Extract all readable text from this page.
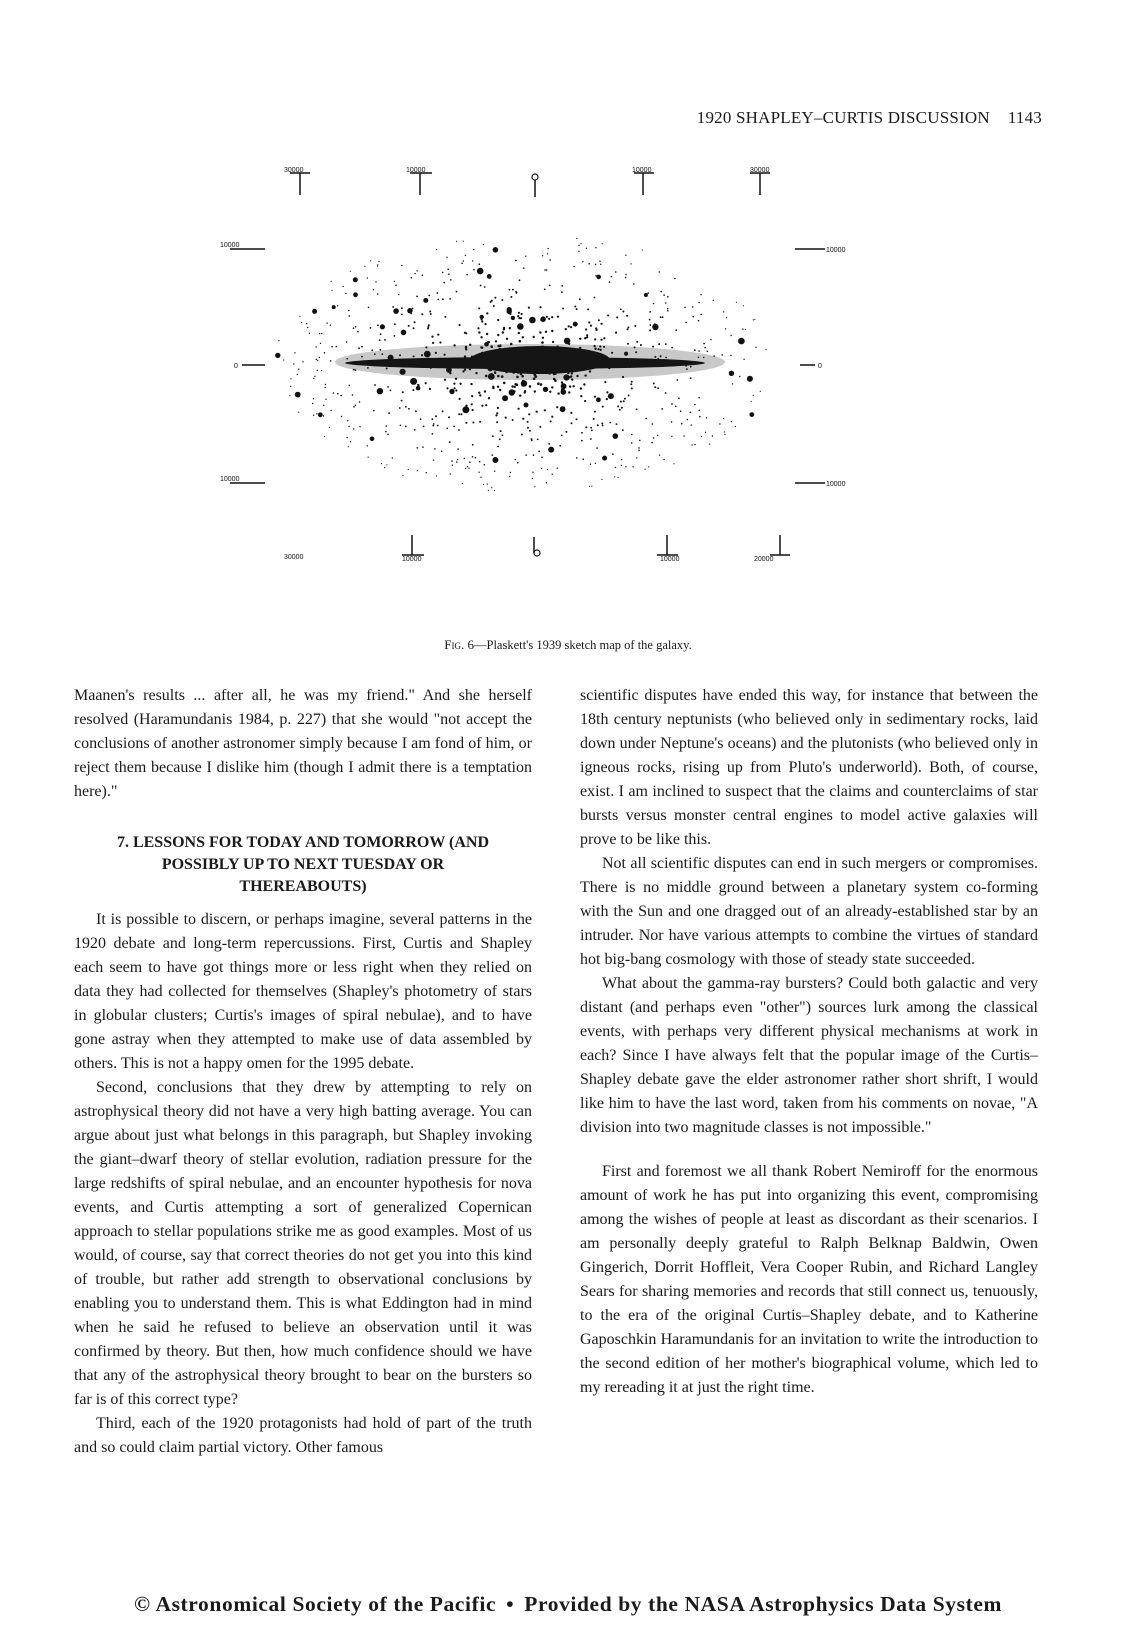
1920 SHAPLEY–CURTIS DISCUSSION 1143
30000	10000	10000	30000
10000
0
10000
10000
0
10000
30000	10000	10000	20000
Fig. 6—Plaskett's 1939 sketch map of the galaxy.

Maanen's results ... after all, he was my friend." And she herself resolved (Haramundanis 1984, p. 227) that she would "not accept the conclusions of another astronomer simply because I am fond of him, or reject them because I dislike him (though I admit there is a temptation here)."

7. LESSONS FOR TODAY AND TOMORROW (AND
POSSIBLY UP TO NEXT TUESDAY OR
THEREABOUTS)

It is possible to discern, or perhaps imagine, several patterns in the 1920 debate and long-term repercussions. First, Curtis and Shapley each seem to have got things more or less right when they relied on data they had collected for themselves (Shapley's photometry of stars in globular clusters; Curtis's images of spiral nebulae), and to have gone astray when they attempted to make use of data assembled by others. This is not a happy omen for the 1995 debate.

Second, conclusions that they drew by attempting to rely on astrophysical theory did not have a very high batting average. You can argue about just what belongs in this paragraph, but Shapley invoking the giant–dwarf theory of stellar evolution, radiation pressure for the large redshifts of spiral nebulae, and an encounter hypothesis for nova events, and Curtis attempting a sort of generalized Copernican approach to stellar populations strike me as good examples. Most of us would, of course, say that correct theories do not get you into this kind of trouble, but rather add strength to observational conclusions by enabling you to understand them. This is what Eddington had in mind when he said he refused to believe an observation until it was confirmed by theory. But then, how much confidence should we have that any of the astrophysical theory brought to bear on the bursters so far is of this correct type?

Third, each of the 1920 protagonists had hold of part of the truth and so could claim partial victory. Other famous

scientific disputes have ended this way, for instance that between the 18th century neptunists (who believed only in sedimentary rocks, laid down under Neptune's oceans) and the plutonists (who believed only in igneous rocks, rising up from Pluto's underworld). Both, of course, exist. I am inclined to suspect that the claims and counterclaims of star bursts versus monster central engines to model active galaxies will prove to be like this.

Not all scientific disputes can end in such mergers or compromises. There is no middle ground between a planetary system co-forming with the Sun and one dragged out of an already-established star by an intruder. Nor have various attempts to combine the virtues of standard hot big-bang cosmology with those of steady state succeeded.

What about the gamma-ray bursters? Could both galactic and very distant (and perhaps even "other") sources lurk among the classical events, with perhaps very different physical mechanisms at work in each? Since I have always felt that the popular image of the Curtis–Shapley debate gave the elder astronomer rather short shrift, I would like him to have the last word, taken from his comments on novae, "A division into two magnitude classes is not impossible."

First and foremost we all thank Robert Nemiroff for the enormous amount of work he has put into organizing this event, compromising among the wishes of people at least as discordant as their scenarios. I am personally deeply grateful to Ralph Belknap Baldwin, Owen Gingerich, Dorrit Hoffleit, Vera Cooper Rubin, and Richard Langley Sears for sharing memories and records that still connect us, tenuously, to the era of the original Curtis–Shapley debate, and to Katherine Gaposchkin Haramundanis for an invitation to write the introduction to the second edition of her mother's biographical volume, which led to my rereading it at just the right time.

© Astronomical Society of the Pacific • Provided by the NASA Astrophysics Data System
